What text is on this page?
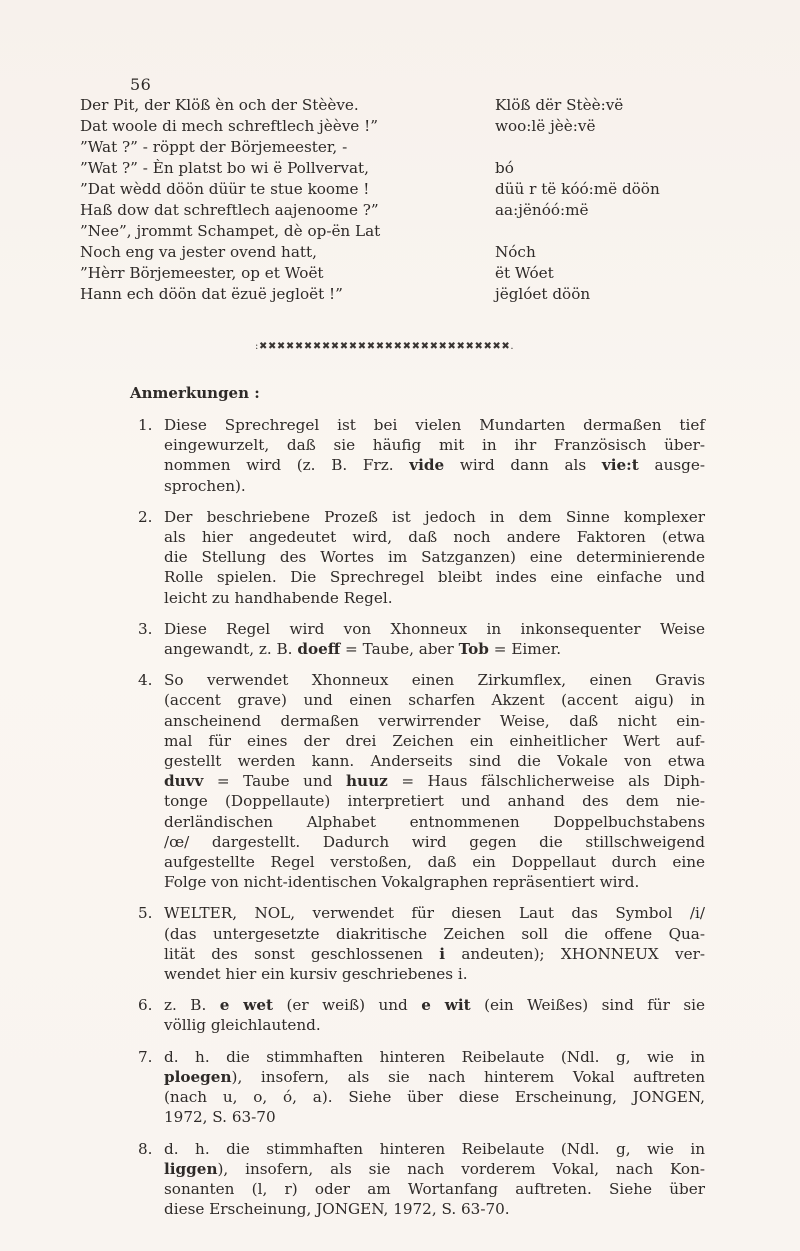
56
Der Pit, der Klöß èn och der Stèève.	Klöß dër Stèè:vë
Dat woole di mech schreftlech jèève !”	woo:lë jèè:vë
”Wat ?” - röppt der Börjemeester, -
”Wat ?” - Èn platst bo wi ë Pollvervat,	bó
”Dat wèdd döön düür te stue koome !	düü r të kóó:më döön
Haß dow dat schreftlech aajenoome ?”	aa:jënóó:më
”Nee”, jrommt Schampet, dè op-ën Lat
Noch eng va jester ovend hatt,	Nóch
”Hèrr Börjemeester, op et Woët	ët Wóet
Hann ech döön dat ëzuë jegloët !”	jëglóet döön
:✖✖✖✖✖✖✖✖✖✖✖✖✖✖✖✖✖✖✖✖✖✖✖✖✖✖✖✖.
Anmerkungen :
1. Diese Sprechregel ist bei vielen Mundarten dermaßen tief
eingewurzelt, daß sie häufig mit in ihr Französisch über-
nommen wird (z. B. Frz. vide wird dann als vie:t ausge-
sprochen).
2. Der beschriebene Prozeß ist jedoch in dem Sinne komplexer
als hier angedeutet wird, daß noch andere Faktoren (etwa
die Stellung des Wortes im Satzganzen) eine determinierende
Rolle spielen. Die Sprechregel bleibt indes eine einfache und
leicht zu handhabende Regel.
3. Diese Regel wird von Xhonneux in inkonsequenter Weise
angewandt, z. B. doeff = Taube, aber Tob = Eimer.
4. So verwendet Xhonneux einen Zirkumflex, einen Gravis
(accent grave) und einen scharfen Akzent (accent aigu) in
anscheinend dermaßen verwirrender Weise, daß nicht ein-
mal für eines der drei Zeichen ein einheitlicher Wert auf-
gestellt werden kann. Anderseits sind die Vokale von etwa
duvv = Taube und huuz = Haus fälschlicherweise als Diph-
tonge (Doppellaute) interpretiert und anhand des dem nie-
derländischen Alphabet entnommenen Doppelbuchstabens
/œ/ dargestellt. Dadurch wird gegen die stillschweigend
aufgestellte Regel verstoßen, daß ein Doppellaut durch eine
Folge von nicht-identischen Vokalgraphen repräsentiert wird.
5. WELTER, NOL, verwendet für diesen Laut das Symbol /i/
(das untergesetzte diakritische Zeichen soll die offene Qua-
lität des sonst geschlossenen i andeuten); XHONNEUX ver-
wendet hier ein kursiv geschriebenes i.
6. z. B. e wet (er weiß) und e wit (ein Weißes) sind für sie
völlig gleichlautend.
7. d. h. die stimmhaften hinteren Reibelaute (Ndl. g, wie in
ploegen), insofern, als sie nach hinterem Vokal auftreten
(nach u, o, ó, a). Siehe über diese Erscheinung, JONGEN,
1972, S. 63-70
8. d. h. die stimmhaften hinteren Reibelaute (Ndl. g, wie in
liggen), insofern, als sie nach vorderem Vokal, nach Kon-
sonanten (l, r) oder am Wortanfang auftreten. Siehe über
diese Erscheinung, JONGEN, 1972, S. 63-70.
